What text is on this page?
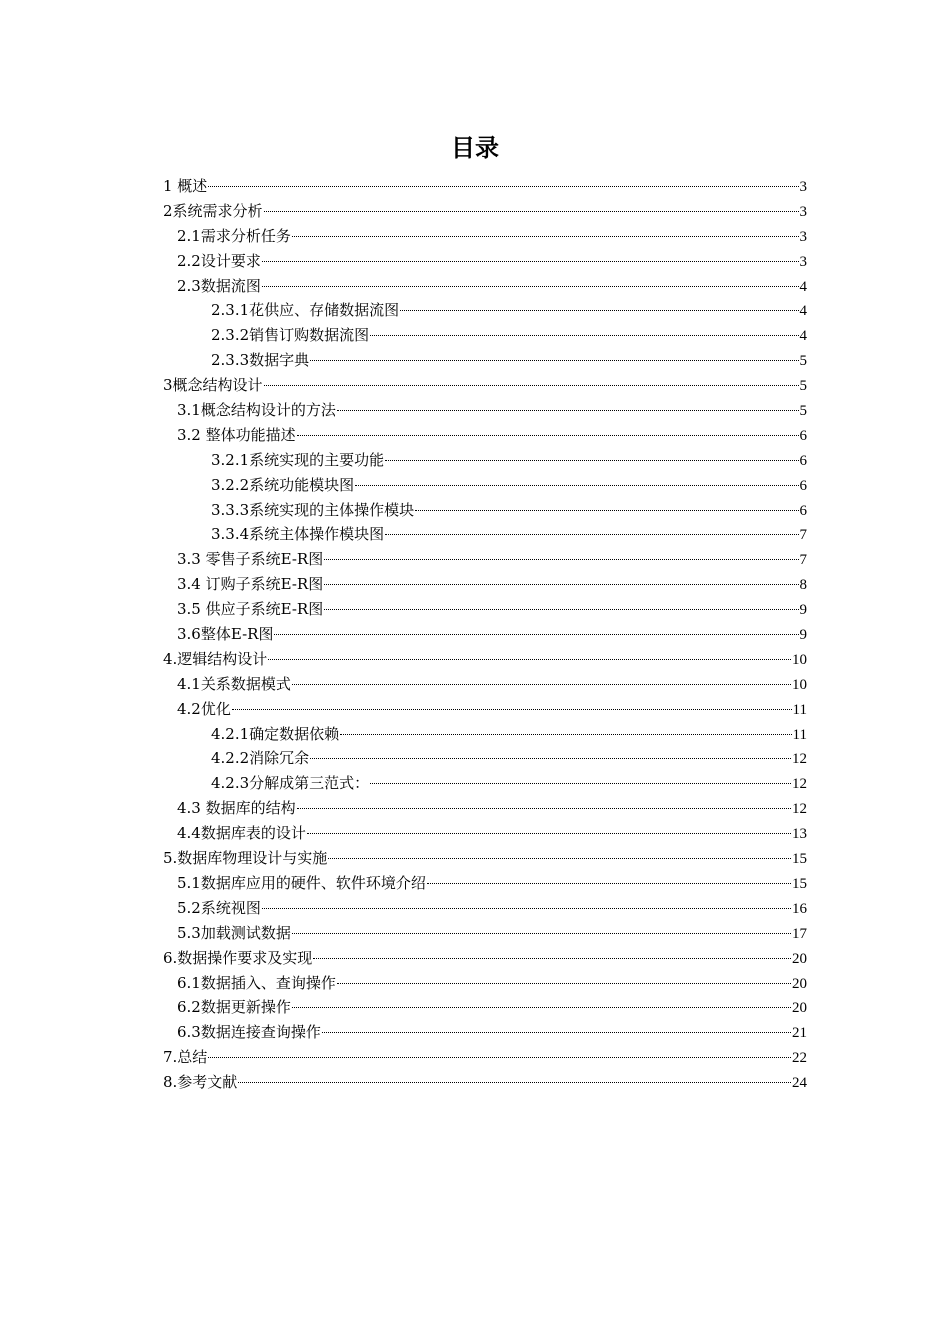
目录
1 概述	3
2系统需求分析	3
2.1需求分析任务	3
2.2设计要求	3
2.3数据流图	4
2.3.1花供应、存储数据流图	4
2.3.2销售订购数据流图	4
2.3.3数据字典	5
3概念结构设计	5
3.1概念结构设计的方法	5
3.2 整体功能描述	6
3.2.1系统实现的主要功能	6
3.2.2系统功能模块图	6
3.3.3系统实现的主体操作模块	6
3.3.4系统主体操作模块图	7
3.3 零售子系统E-R图	7
3.4 订购子系统E-R图	8
3.5 供应子系统E-R图	9
3.6整体E-R图	9
4.逻辑结构设计	10
4.1关系数据模式	10
4.2优化	11
4.2.1确定数据依赖	11
4.2.2消除冗余	12
4.2.3分解成第三范式：	12
4.3 数据库的结构	12
4.4数据库表的设计	13
5.数据库物理设计与实施	15
5.1数据库应用的硬件、软件环境介绍	15
5.2系统视图	16
5.3加载测试数据	17
6.数据操作要求及实现	20
6.1数据插入、查询操作	20
6.2数据更新操作	20
6.3数据连接查询操作	21
7.总结	22
8.参考文献	24
